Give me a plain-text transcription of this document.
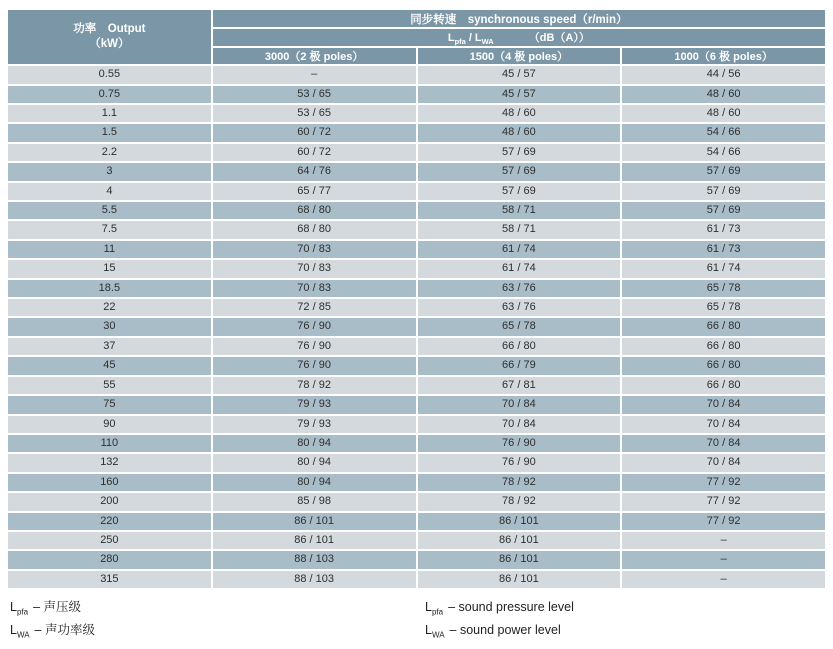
功率　Output
（kW）	同步转速　synchronous speed（r/min）		
	$L_{pfa} / L_{WA}$ （dB（A））		
	3000（2 极 poles）	1500（4 极 poles）	1000（6 极 poles）
0.55	–	45 / 57	44 / 56
0.75	53 / 65	45 / 57	48 / 60
1.1	53 / 65	48 / 60	48 / 60
1.5	60 / 72	48 / 60	54 / 66
2.2	60 / 72	57 / 69	54 / 66
3	64 / 76	57 / 69	57 / 69
4	65 / 77	57 / 69	57 / 69
5.5	68 / 80	58 / 71	57 / 69
7.5	68 / 80	58 / 71	61 / 73
11	70 / 83	61 / 74	61 / 73
15	70 / 83	61 / 74	61 / 74
18.5	70 / 83	63 / 76	65 / 78
22	72 / 85	63 / 76	65 / 78
30	76 / 90	65 / 78	66 / 80
37	76 / 90	66 / 80	66 / 80
45	76 / 90	66 / 79	66 / 80
55	78 / 92	67 / 81	66 / 80
75	79 / 93	70 / 84	70 / 84
90	79 / 93	70 / 84	70 / 84
110	80 / 94	76 / 90	70 / 84
132	80 / 94	76 / 90	70 / 84
160	80 / 94	78 / 92	77 / 92
200	85 / 98	78 / 92	77 / 92
220	86 / 101	86 / 101	77 / 92
250	86 / 101	86 / 101	–
280	88 / 103	86 / 101	–
315	88 / 103	86 / 101	–
$L_{pfa}$ – 声压级
$L_{WA}$ – 声功率级
$L_{pfa}$ – sound pressure level
$L_{WA}$ – sound power level
